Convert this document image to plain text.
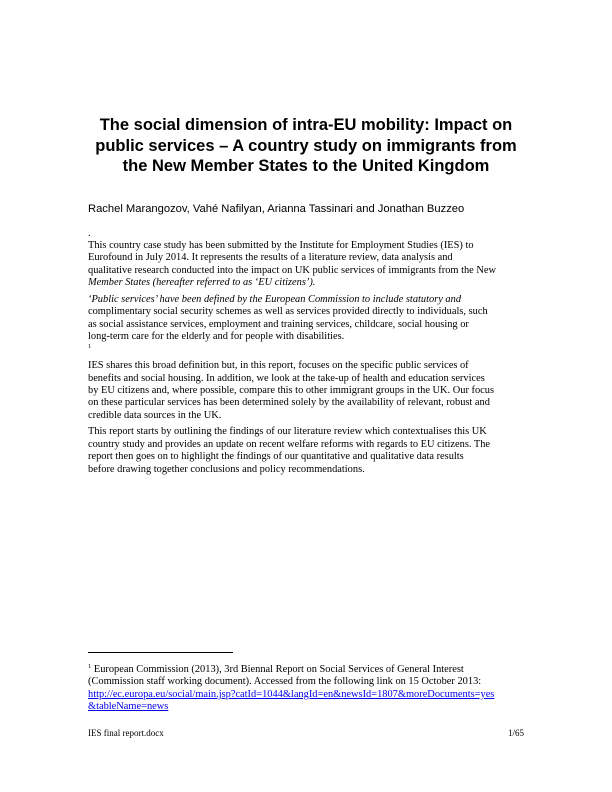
The social dimension of intra-EU mobility: Impact on
public services – A country study on immigrants from
the New Member States to the United Kingdom

Rachel Marangozov, Vahé Nafilyan, Arianna Tassinari and Jonathan Buzzeo

.

This country case study has been submitted by the Institute for Employment Studies (IES) to
Eurofound in July 2014. It represents the results of a literature review, data analysis and
qualitative research conducted into the impact on UK public services of immigrants from the New
Member States (hereafter referred to as ‘EU citizens’).

‘Public services’ have been defined by the European Commission to include statutory and
complimentary social security schemes as well as services provided directly to individuals, such
as social assistance services, employment and training services, childcare, social housing or
long-term care for the elderly and for people with disabilities.
$^1$

IES shares this broad definition but, in this report, focuses on the specific public services of
benefits and social housing. In addition, we look at the take-up of health and education services
by EU citizens and, where possible, compare this to other immigrant groups in the UK. Our focus
on these particular services has been determined solely by the availability of relevant, robust and
credible data sources in the UK.

This report starts by outlining the findings of our literature review which contextualises this UK
country study and provides an update on recent welfare reforms with regards to EU citizens. The
report then goes on to highlight the findings of our quantitative and qualitative data results
before drawing together conclusions and policy recommendations.

$^1$ European Commission (2013), 3rd Biennal Report on Social Services of General Interest
(Commission staff working document). Accessed from the following link on 15 October 2013:
http://ec.europa.eu/social/main.jsp?catId=1044&langId=en&newsId=1807&moreDocuments=yes
&tableName=news
IES final report.docx	1/65
